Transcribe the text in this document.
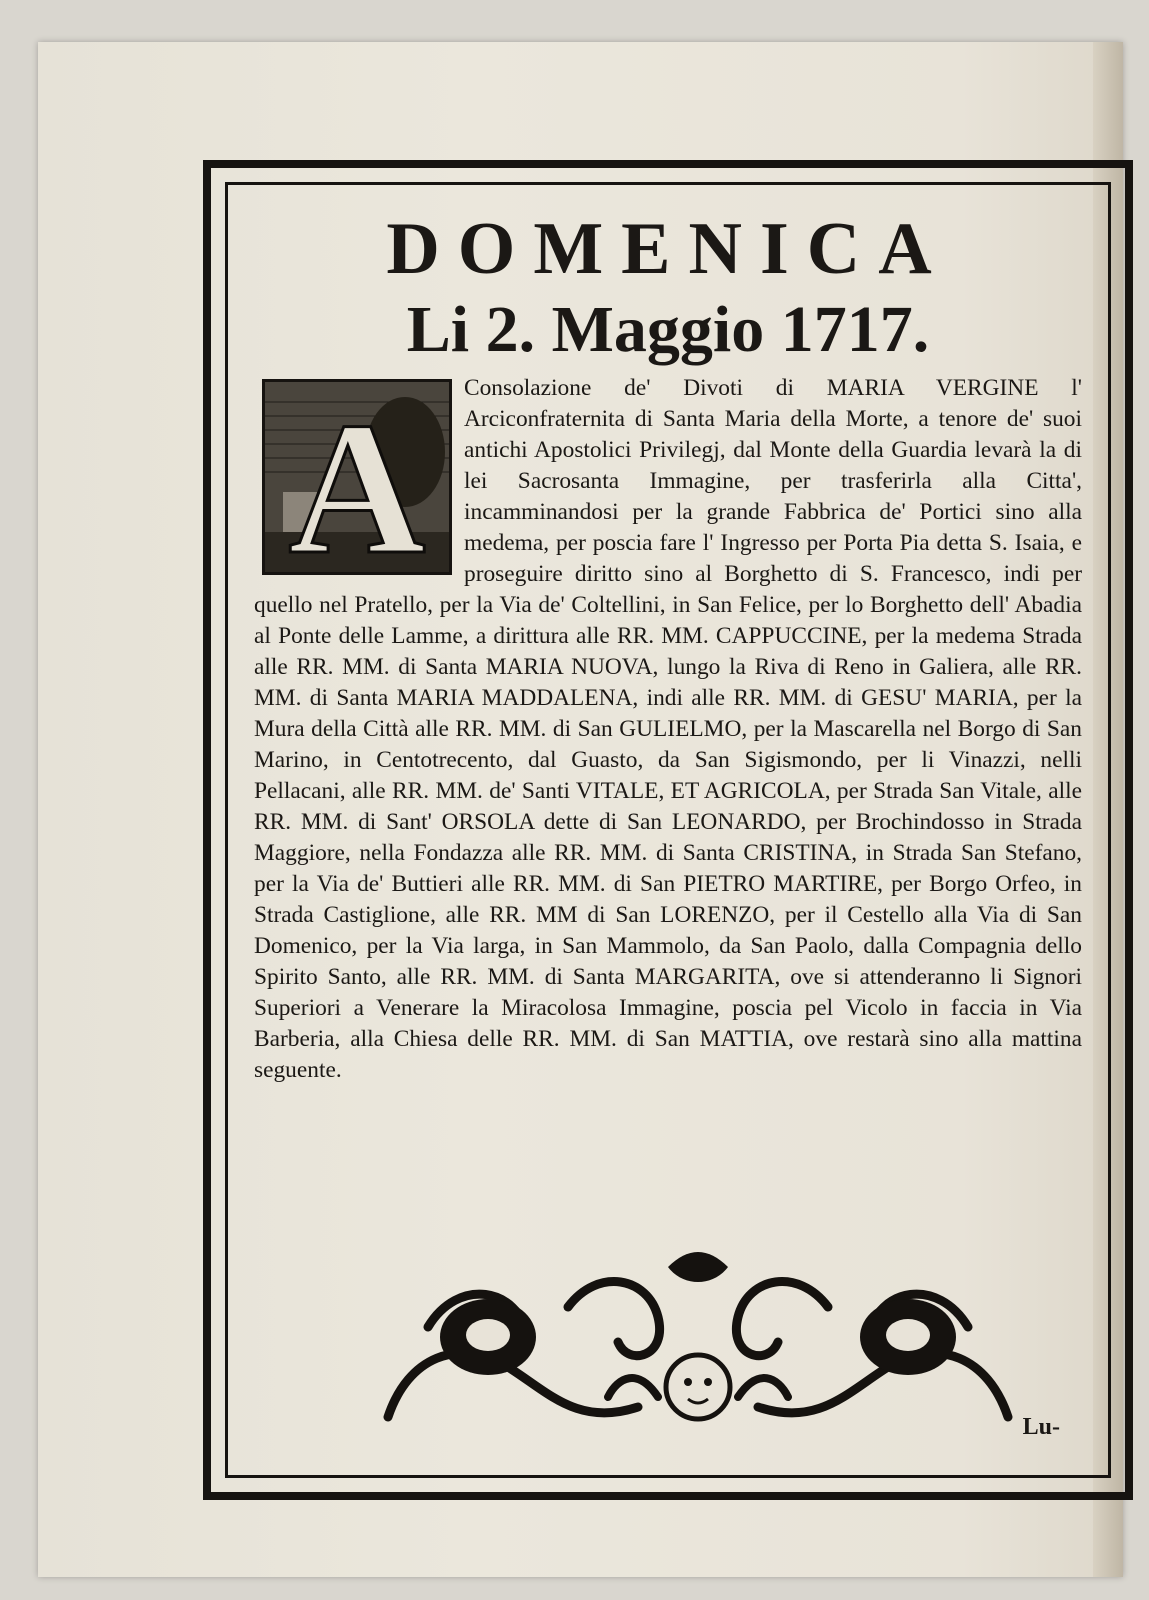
DOMENICA
Li 2. Maggio 1717.

A Consolazione de' Divoti di MARIA VERGINE l' Arciconfraternita di Santa Maria della Morte, a tenore de' suoi antichi Apostolici Privilegj, dal Monte della Guardia levarà la di lei Sacrosanta Immagine, per trasferirla alla Citta', incamminandosi per la grande Fabbrica de' Portici sino alla medema, per poscia fare l' Ingresso per Porta Pia detta S. Isaia, e proseguire diritto sino al Borghetto di S. Francesco, indi per quello nel Pratello, per la Via de' Coltellini, in San Felice, per lo Borghetto dell' Abadia al Ponte delle Lamme, a dirittura alle RR. MM. CAPPUCCINE, per la medema Strada alle RR. MM. di Santa MARIA NUOVA, lungo la Riva di Reno in Galiera, alle RR. MM. di Santa MARIA MADDALENA, indi alle RR. MM. di GESU' MARIA, per la Mura della Città alle RR. MM. di San GULIELMO, per la Mascarella nel Borgo di San Marino, in Centotrecento, dal Guasto, da San Sigismondo, per li Vinazzi, nelli Pellacani, alle RR. MM. de' Santi VITALE, ET AGRICOLA, per Strada San Vitale, alle RR. MM. di Sant' ORSOLA dette di San LEONARDO, per Brochindosso in Strada Maggiore, nella Fondazza alle RR. MM. di Santa CRISTINA, in Strada San Stefano, per la Via de' Buttieri alle RR. MM. di San PIETRO MARTIRE, per Borgo Orfeo, in Strada Castiglione, alle RR. MM di San LORENZO, per il Cestello alla Via di San Domenico, per la Via larga, in San Mammolo, da San Paolo, dalla Compagnia dello Spirito Santo, alle RR. MM. di Santa MARGARITA, ove si attenderanno li Signori Superiori a Venerare la Miracolosa Immagine, poscia pel Vicolo in faccia in Via Barberia, alla Chiesa delle RR. MM. di San MATTIA, ove restarà sino alla mattina seguente.

Lu-
